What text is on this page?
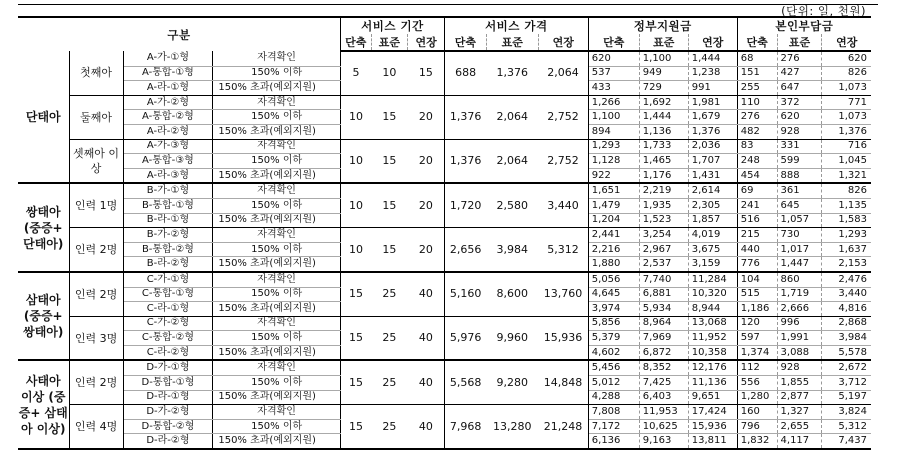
(단위: 일, 천원)
구분				서비스 기간			서비스 가격			정부지원금			본인부담금		
				단축	표준	연장	단축	표준	연장	단축	표준	연장	단축	표준	연장
단태아	첫째아	A-가-①형	자격확인	5	10	15	688	1,376	2,064	620	1,100	1,444	68	276	620
		A-통합-①형	150% 이하							537	949	1,238	151	427	826
		A-라-①형	150% 초과(예외지원)							433	729	991	255	647	1,073
	둘째아	A-가-②형	자격확인	10	15	20	1,376	2,064	2,752	1,266	1,692	1,981	110	372	771
		A-통합-②형	150% 이하							1,100	1,444	1,679	276	620	1,073
		A-라-②형	150% 초과(예외지원)							894	1,136	1,376	482	928	1,376
	셋째아 이상	A-가-③형	자격확인	10	15	20	1,376	2,064	2,752	1,293	1,733	2,036	83	331	716
		A-통합-③형	150% 이하							1,128	1,465	1,707	248	599	1,045
		A-라-③형	150% 초과(예외지원)							922	1,176	1,431	454	888	1,321
쌍태아 (중증+ 단태아)	인력 1명	B-가-①형	자격확인	10	15	20	1,720	2,580	3,440	1,651	2,219	2,614	69	361	826
		B-통합-①형	150% 이하							1,479	1,935	2,305	241	645	1,135
		B-라-①형	150% 초과(예외지원)							1,204	1,523	1,857	516	1,057	1,583
	인력 2명	B-가-②형	자격확인	10	15	20	2,656	3,984	5,312	2,441	3,254	4,019	215	730	1,293
		B-통합-②형	150% 이하							2,216	2,967	3,675	440	1,017	1,637
		B-라-②형	150% 초과(예외지원)							1,880	2,537	3,159	776	1,447	2,153
삼태아 (중증+ 쌍태아)	인력 2명	C-가-①형	자격확인	15	25	40	5,160	8,600	13,760	5,056	7,740	11,284	104	860	2,476
		C-통합-①형	150% 이하							4,645	6,881	10,320	515	1,719	3,440
		C-라-①형	150% 초과(예외지원)							3,974	5,934	8,944	1,186	2,666	4,816
	인력 3명	C-가-②형	자격확인	15	25	40	5,976	9,960	15,936	5,856	8,964	13,068	120	996	2,868
		C-통합-②형	150% 이하							5,379	7,969	11,952	597	1,991	3,984
		C-라-②형	150% 초과(예외지원)							4,602	6,872	10,358	1,374	3,088	5,578
사태아 이상 (중증+ 삼태아 이상)	인력 2명	D-가-①형	자격확인	15	25	40	5,568	9,280	14,848	5,456	8,352	12,176	112	928	2,672
		D-통합-①형	150% 이하							5,012	7,425	11,136	556	1,855	3,712
		D-라-①형	150% 초과(예외지원)							4,288	6,403	9,651	1,280	2,877	5,197
	인력 4명	D-가-②형	자격확인	15	25	40	7,968	13,280	21,248	7,808	11,953	17,424	160	1,327	3,824
		D-통합-②형	150% 이하							7,172	10,625	15,936	796	2,655	5,312
		D-라-②형	150% 초과(예외지원)							6,136	9,163	13,811	1,832	4,117	7,437
